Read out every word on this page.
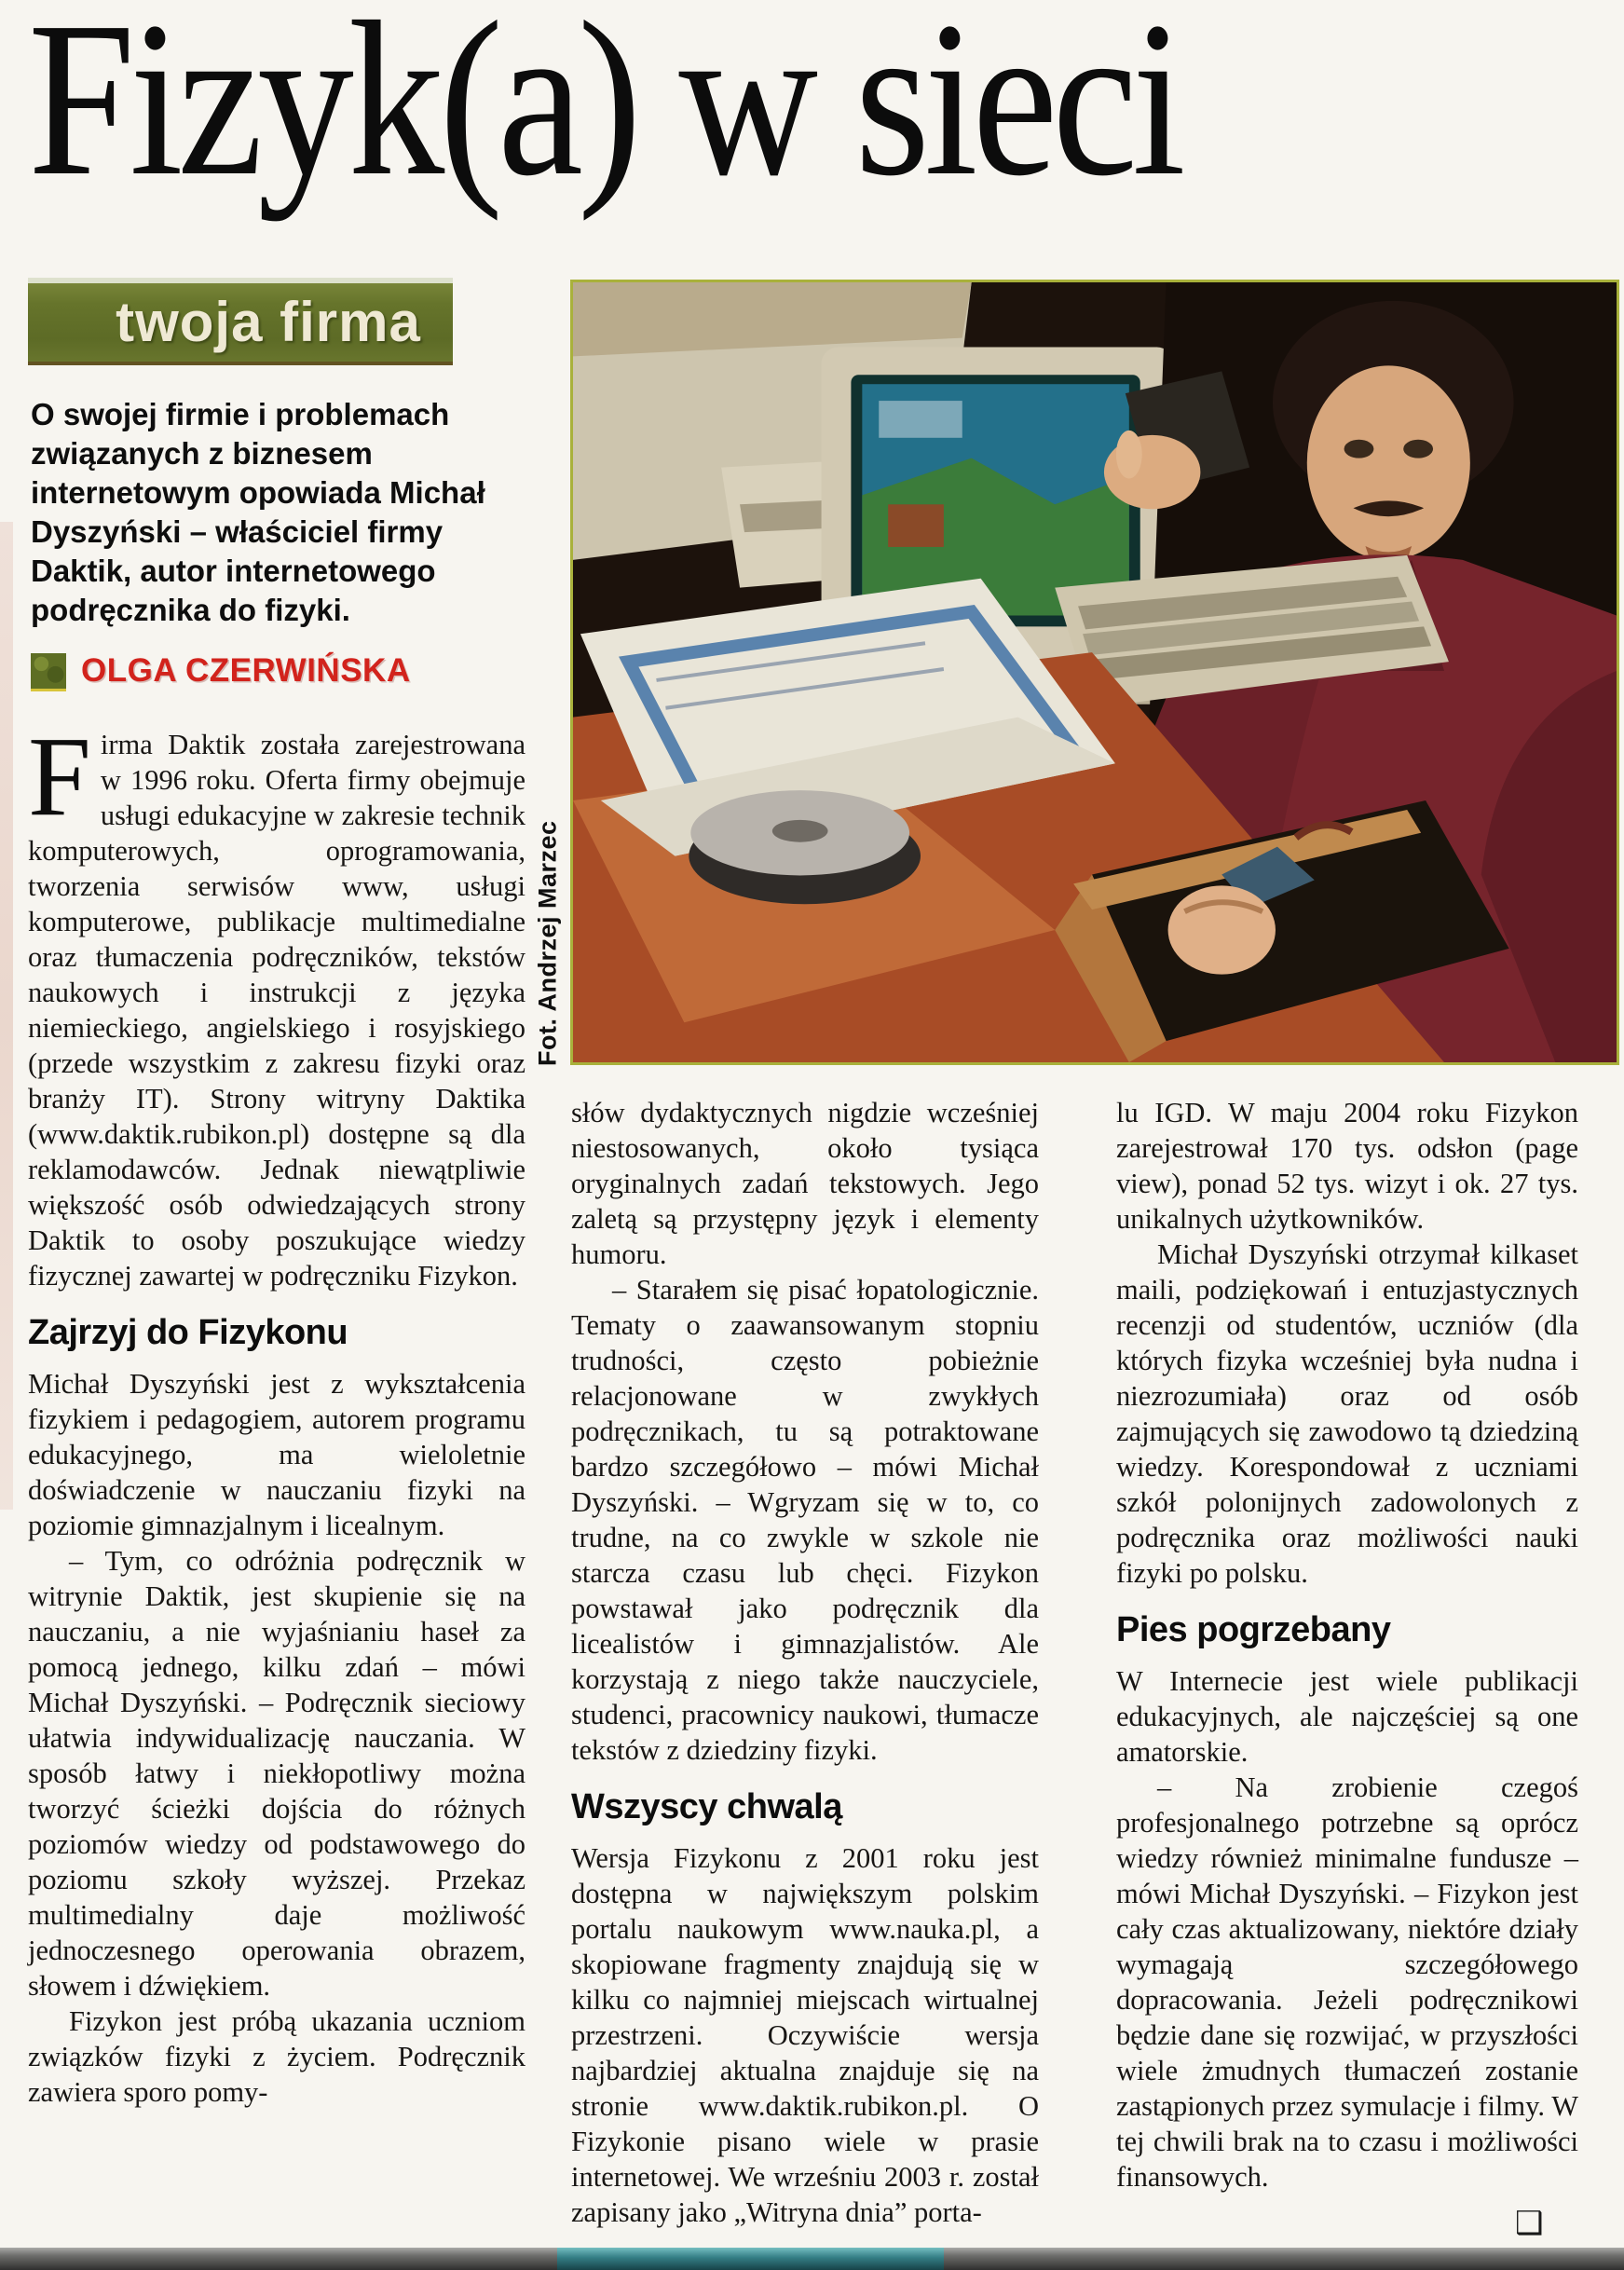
Fizyk(a) w sieci
twoja firma
O swojej firmie i problemach związanych z biznesem internetowym opowiada Michał Dyszyński – właściciel firmy Daktik, autor internetowego podręcznika do fizyki.
OLGA CZERWIŃSKA
Fot. Andrzej Marzec

Firma Daktik została zarejestrowana w 1996 roku. Oferta firmy obejmuje usługi edukacyjne w zakresie technik komputerowych, oprogramowania, tworzenia serwisów www, usługi komputerowe, publikacje multimedialne oraz tłumaczenia podręczników, tekstów naukowych i instrukcji z języka niemieckiego, angielskiego i rosyjskiego (przede wszystkim z zakresu fizyki oraz branży IT). Strony witryny Daktika (www.daktik.rubikon.pl) dostępne są dla reklamodawców. Jednak niewątpliwie większość osób odwiedzających strony Daktik to osoby poszukujące wiedzy fizycznej zawartej w podręczniku Fizykon.

Zajrzyj do Fizykonu

Michał Dyszyński jest z wykształcenia fizykiem i pedagogiem, autorem programu edukacyjnego, ma wieloletnie doświadczenie w nauczaniu fizyki na poziomie gimnazjalnym i licealnym.

– Tym, co odróżnia podręcznik w witrynie Daktik, jest skupienie się na nauczaniu, a nie wyjaśnianiu haseł za pomocą jednego, kilku zdań – mówi Michał Dyszyński. – Podręcznik sieciowy ułatwia indywidualizację nauczania. W sposób łatwy i niekłopotliwy można tworzyć ścieżki dojścia do różnych poziomów wiedzy od podstawowego do poziomu szkoły wyższej. Przekaz multimedialny daje możliwość jednoczesnego operowania obrazem, słowem i dźwiękiem.

Fizykon jest próbą ukazania uczniom związków fizyki z życiem. Podręcznik zawiera sporo pomy-

słów dydaktycznych nigdzie wcześniej niestosowanych, około tysiąca oryginalnych zadań tekstowych. Jego zaletą są przystępny język i elementy humoru.

– Starałem się pisać łopatologicznie. Tematy o zaawansowanym stopniu trudności, często pobieżnie relacjonowane w zwykłych podręcznikach, tu są potraktowane bardzo szczegółowo – mówi Michał Dyszyński. – Wgryzam się w to, co trudne, na co zwykle w szkole nie starcza czasu lub chęci. Fizykon powstawał jako podręcznik dla licealistów i gimnazjalistów. Ale korzystają z niego także nauczyciele, studenci, pracownicy naukowi, tłumacze tekstów z dziedziny fizyki.

Wszyscy chwalą

Wersja Fizykonu z 2001 roku jest dostępna w największym polskim portalu naukowym www.nauka.pl, a skopiowane fragmenty znajdują się w kilku co najmniej miejscach wirtualnej przestrzeni. Oczywiście wersja najbardziej aktualna znajduje się na stronie www.daktik.rubikon.pl. O Fizykonie pisano wiele w prasie internetowej. We wrześniu 2003 r. został zapisany jako „Witryna dnia” porta-

lu IGD. W maju 2004 roku Fizykon zarejestrował 170 tys. odsłon (page view), ponad 52 tys. wizyt i ok. 27 tys. unikalnych użytkowników.

Michał Dyszyński otrzymał kilkaset maili, podziękowań i entuzjastycznych recenzji od studentów, uczniów (dla których fizyka wcześniej była nudna i niezrozumiała) oraz od osób zajmujących się zawodowo tą dziedziną wiedzy. Korespondował z uczniami szkół polonijnych zadowolonych z podręcznika oraz możliwości nauki fizyki po polsku.

Pies pogrzebany

W Internecie jest wiele publikacji edukacyjnych, ale najczęściej są one amatorskie.

– Na zrobienie czegoś profesjonalnego potrzebne są oprócz wiedzy również minimalne fundusze – mówi Michał Dyszyński. – Fizykon jest cały czas aktualizowany, niektóre działy wymagają szczegółowego dopracowania. Jeżeli podręcznikowi będzie dane się rozwijać, w przyszłości wiele żmudnych tłumaczeń zostanie zastąpionych przez symulacje i filmy. W tej chwili brak na to czasu i możliwości finansowych.

❑
